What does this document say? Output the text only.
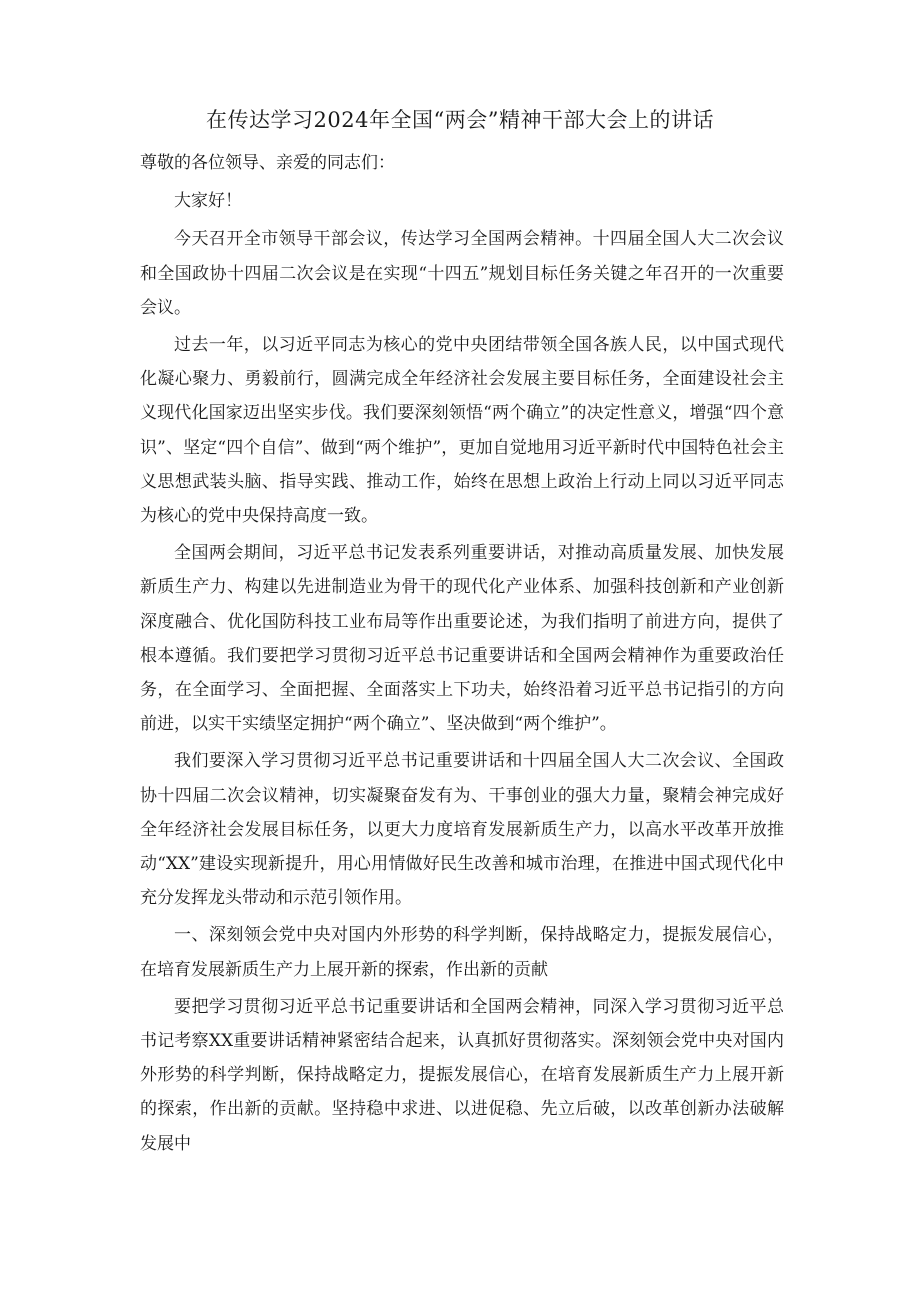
在传达学习2024年全国“两会”精神干部大会上的讲话

尊敬的各位领导、亲爱的同志们：

大家好！

今天召开全市领导干部会议，传达学习全国两会精神。十四届全国人大二次会议和全国政协十四届二次会议是在实现“十四五”规划目标任务关键之年召开的一次重要会议。

过去一年，以习近平同志为核心的党中央团结带领全国各族人民，以中国式现代化凝心聚力、勇毅前行，圆满完成全年经济社会发展主要目标任务，全面建设社会主义现代化国家迈出坚实步伐。我们要深刻领悟“两个确立”的决定性意义，增强“四个意识”、坚定“四个自信”、做到“两个维护”，更加自觉地用习近平新时代中国特色社会主义思想武装头脑、指导实践、推动工作，始终在思想上政治上行动上同以习近平同志为核心的党中央保持高度一致。

全国两会期间，习近平总书记发表系列重要讲话，对推动高质量发展、加快发展新质生产力、构建以先进制造业为骨干的现代化产业体系、加强科技创新和产业创新深度融合、优化国防科技工业布局等作出重要论述，为我们指明了前进方向，提供了根本遵循。我们要把学习贯彻习近平总书记重要讲话和全国两会精神作为重要政治任务，在全面学习、全面把握、全面落实上下功夫，始终沿着习近平总书记指引的方向前进，以实干实绩坚定拥护“两个确立”、坚决做到“两个维护”。

我们要深入学习贯彻习近平总书记重要讲话和十四届全国人大二次会议、全国政协十四届二次会议精神，切实凝聚奋发有为、干事创业的强大力量，聚精会神完成好全年经济社会发展目标任务，以更大力度培育发展新质生产力，以高水平改革开放推动“XX”建设实现新提升，用心用情做好民生改善和城市治理，在推进中国式现代化中充分发挥龙头带动和示范引领作用。

一、深刻领会党中央对国内外形势的科学判断，保持战略定力，提振发展信心，在培育发展新质生产力上展开新的探索，作出新的贡献

要把学习贯彻习近平总书记重要讲话和全国两会精神，同深入学习贯彻习近平总书记考察XX重要讲话精神紧密结合起来，认真抓好贯彻落实。深刻领会党中央对国内外形势的科学判断，保持战略定力，提振发展信心，在培育发展新质生产力上展开新的探索，作出新的贡献。坚持稳中求进、以进促稳、先立后破，以改革创新办法破解发展中
